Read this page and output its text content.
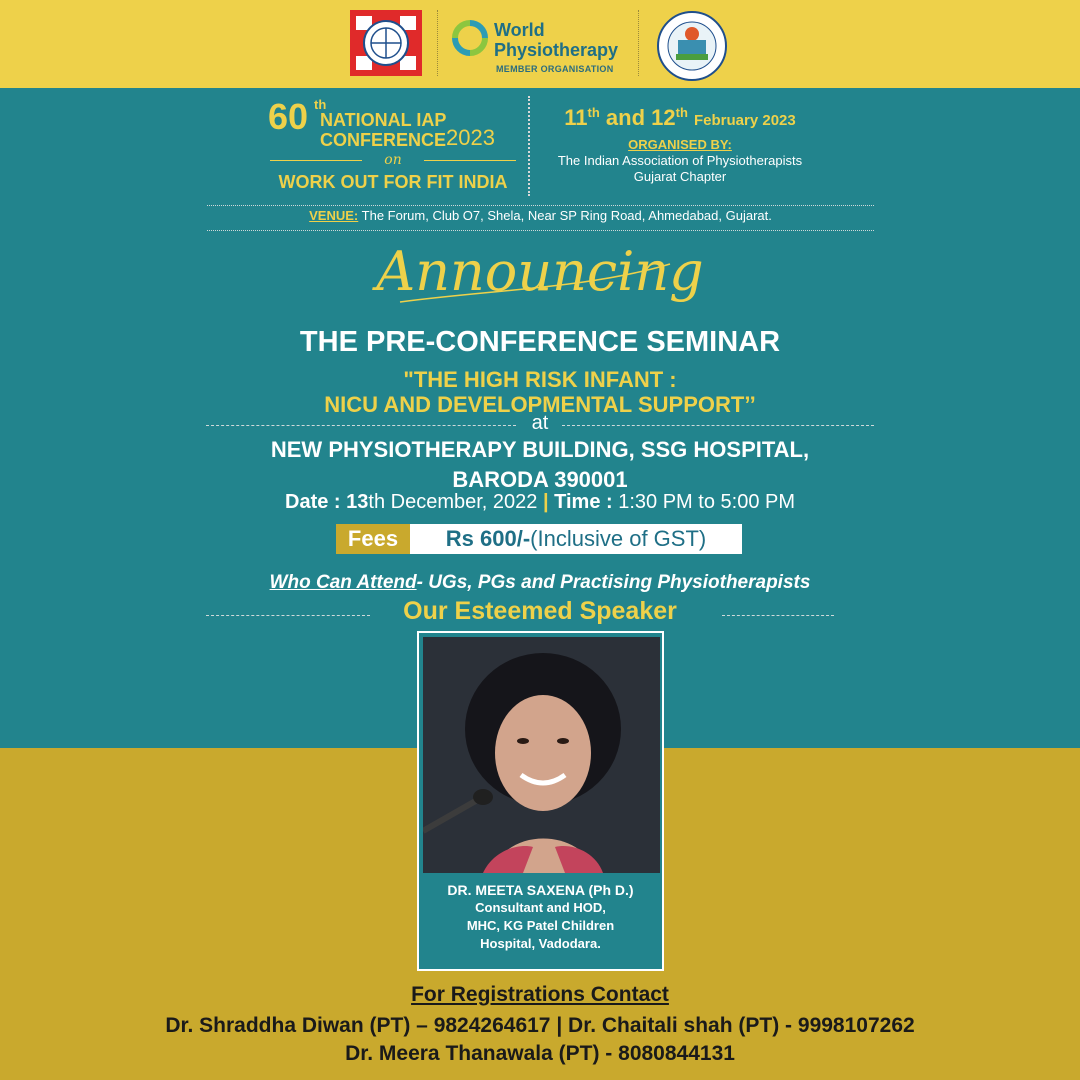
World
Physiotherapy
MEMBER ORGANISATION
60 th
NATIONAL IAP
CONFERENCE 2023
on
WORK OUT FOR FIT INDIA
11th and 12th February 2023
ORGANISED BY:
The Indian Association of Physiotherapists
Gujarat Chapter
VENUE: The Forum, Club O7, Shela, Near SP Ring Road, Ahmedabad, Gujarat.
Announcing
THE PRE-CONFERENCE SEMINAR
"THE HIGH RISK INFANT :
NICU AND DEVELOPMENTAL SUPPORT’’
at
NEW PHYSIOTHERAPY BUILDING, SSG HOSPITAL,
BARODA 390001
Date : 13th December, 2022 | Time : 1:30 PM to 5:00 PM
Fees	Rs 600/-(Inclusive of GST)
Who Can Attend- UGs, PGs and Practising Physiotherapists
Our Esteemed Speaker
DR. MEETA SAXENA (Ph D.)
Consultant and HOD,
MHC, KG Patel Children
Hospital, Vadodara.
For Registrations Contact
Dr. Shraddha Diwan (PT) – 9824264617 | Dr. Chaitali shah (PT) - 9998107262
Dr. Meera Thanawala (PT) - 8080844131
